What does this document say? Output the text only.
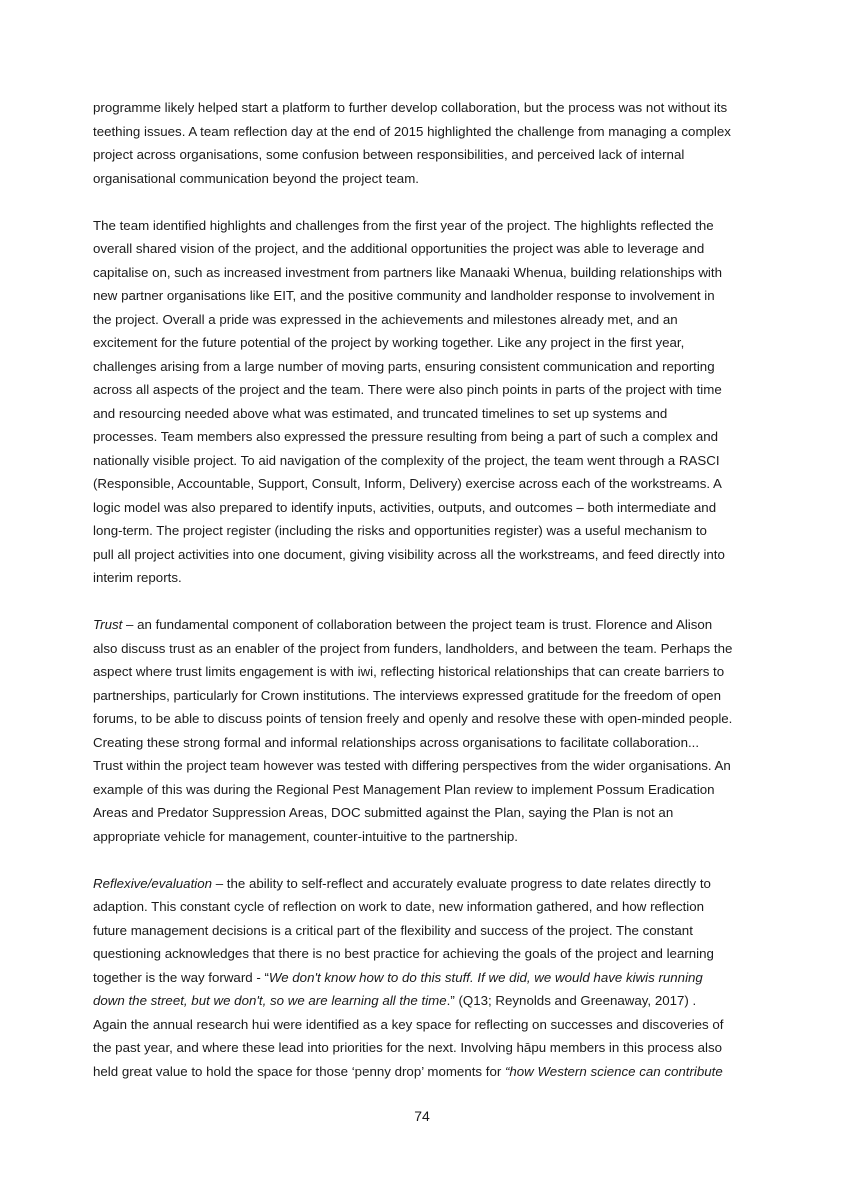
programme likely helped start a platform to further develop collaboration, but the process was not without its
teething issues. A team reflection day at the end of 2015 highlighted the challenge from managing a complex
project across organisations, some confusion between responsibilities, and perceived lack of internal
organisational communication beyond the project team.

The team identified highlights and challenges from the first year of the project. The highlights reflected the
overall shared vision of the project, and the additional opportunities the project was able to leverage and
capitalise on, such as increased investment from partners like Manaaki Whenua, building relationships with
new partner organisations like EIT, and the positive community and landholder response to involvement in
the project. Overall a pride was expressed in the achievements and milestones already met, and an
excitement for the future potential of the project by working together. Like any project in the first year,
challenges arising from a large number of moving parts, ensuring consistent communication and reporting
across all aspects of the project and the team. There were also pinch points in parts of the project with time
and resourcing needed above what was estimated, and truncated timelines to set up systems and
processes. Team members also expressed the pressure resulting from being a part of such a complex and
nationally visible project. To aid navigation of the complexity of the project, the team went through a RASCI
(Responsible, Accountable, Support, Consult, Inform, Delivery) exercise across each of the workstreams. A
logic model was also prepared to identify inputs, activities, outputs, and outcomes – both intermediate and
long-term. The project register (including the risks and opportunities register) was a useful mechanism to
pull all project activities into one document, giving visibility across all the workstreams, and feed directly into
interim reports.

Trust – an fundamental component of collaboration between the project team is trust. Florence and Alison
also discuss trust as an enabler of the project from funders, landholders, and between the team. Perhaps the
aspect where trust limits engagement is with iwi, reflecting historical relationships that can create barriers to
partnerships, particularly for Crown institutions. The interviews expressed gratitude for the freedom of open
forums, to be able to discuss points of tension freely and openly and resolve these with open-minded people.
Creating these strong formal and informal relationships across organisations to facilitate collaboration...
Trust within the project team however was tested with differing perspectives from the wider organisations. An
example of this was during the Regional Pest Management Plan review to implement Possum Eradication
Areas and Predator Suppression Areas, DOC submitted against the Plan, saying the Plan is not an
appropriate vehicle for management, counter-intuitive to the partnership.

Reflexive/evaluation – the ability to self-reflect and accurately evaluate progress to date relates directly to
adaption. This constant cycle of reflection on work to date, new information gathered, and how reflection
future management decisions is a critical part of the flexibility and success of the project. The constant
questioning acknowledges that there is no best practice for achieving the goals of the project and learning
together is the way forward - “We don't know how to do this stuff. If we did, we would have kiwis running
down the street, but we don't, so we are learning all the time.” (Q13; Reynolds and Greenaway, 2017) .
Again the annual research hui were identified as a key space for reflecting on successes and discoveries of
the past year, and where these lead into priorities for the next. Involving hāpu members in this process also
held great value to hold the space for those ‘penny drop’ moments for “how Western science can contribute

74
